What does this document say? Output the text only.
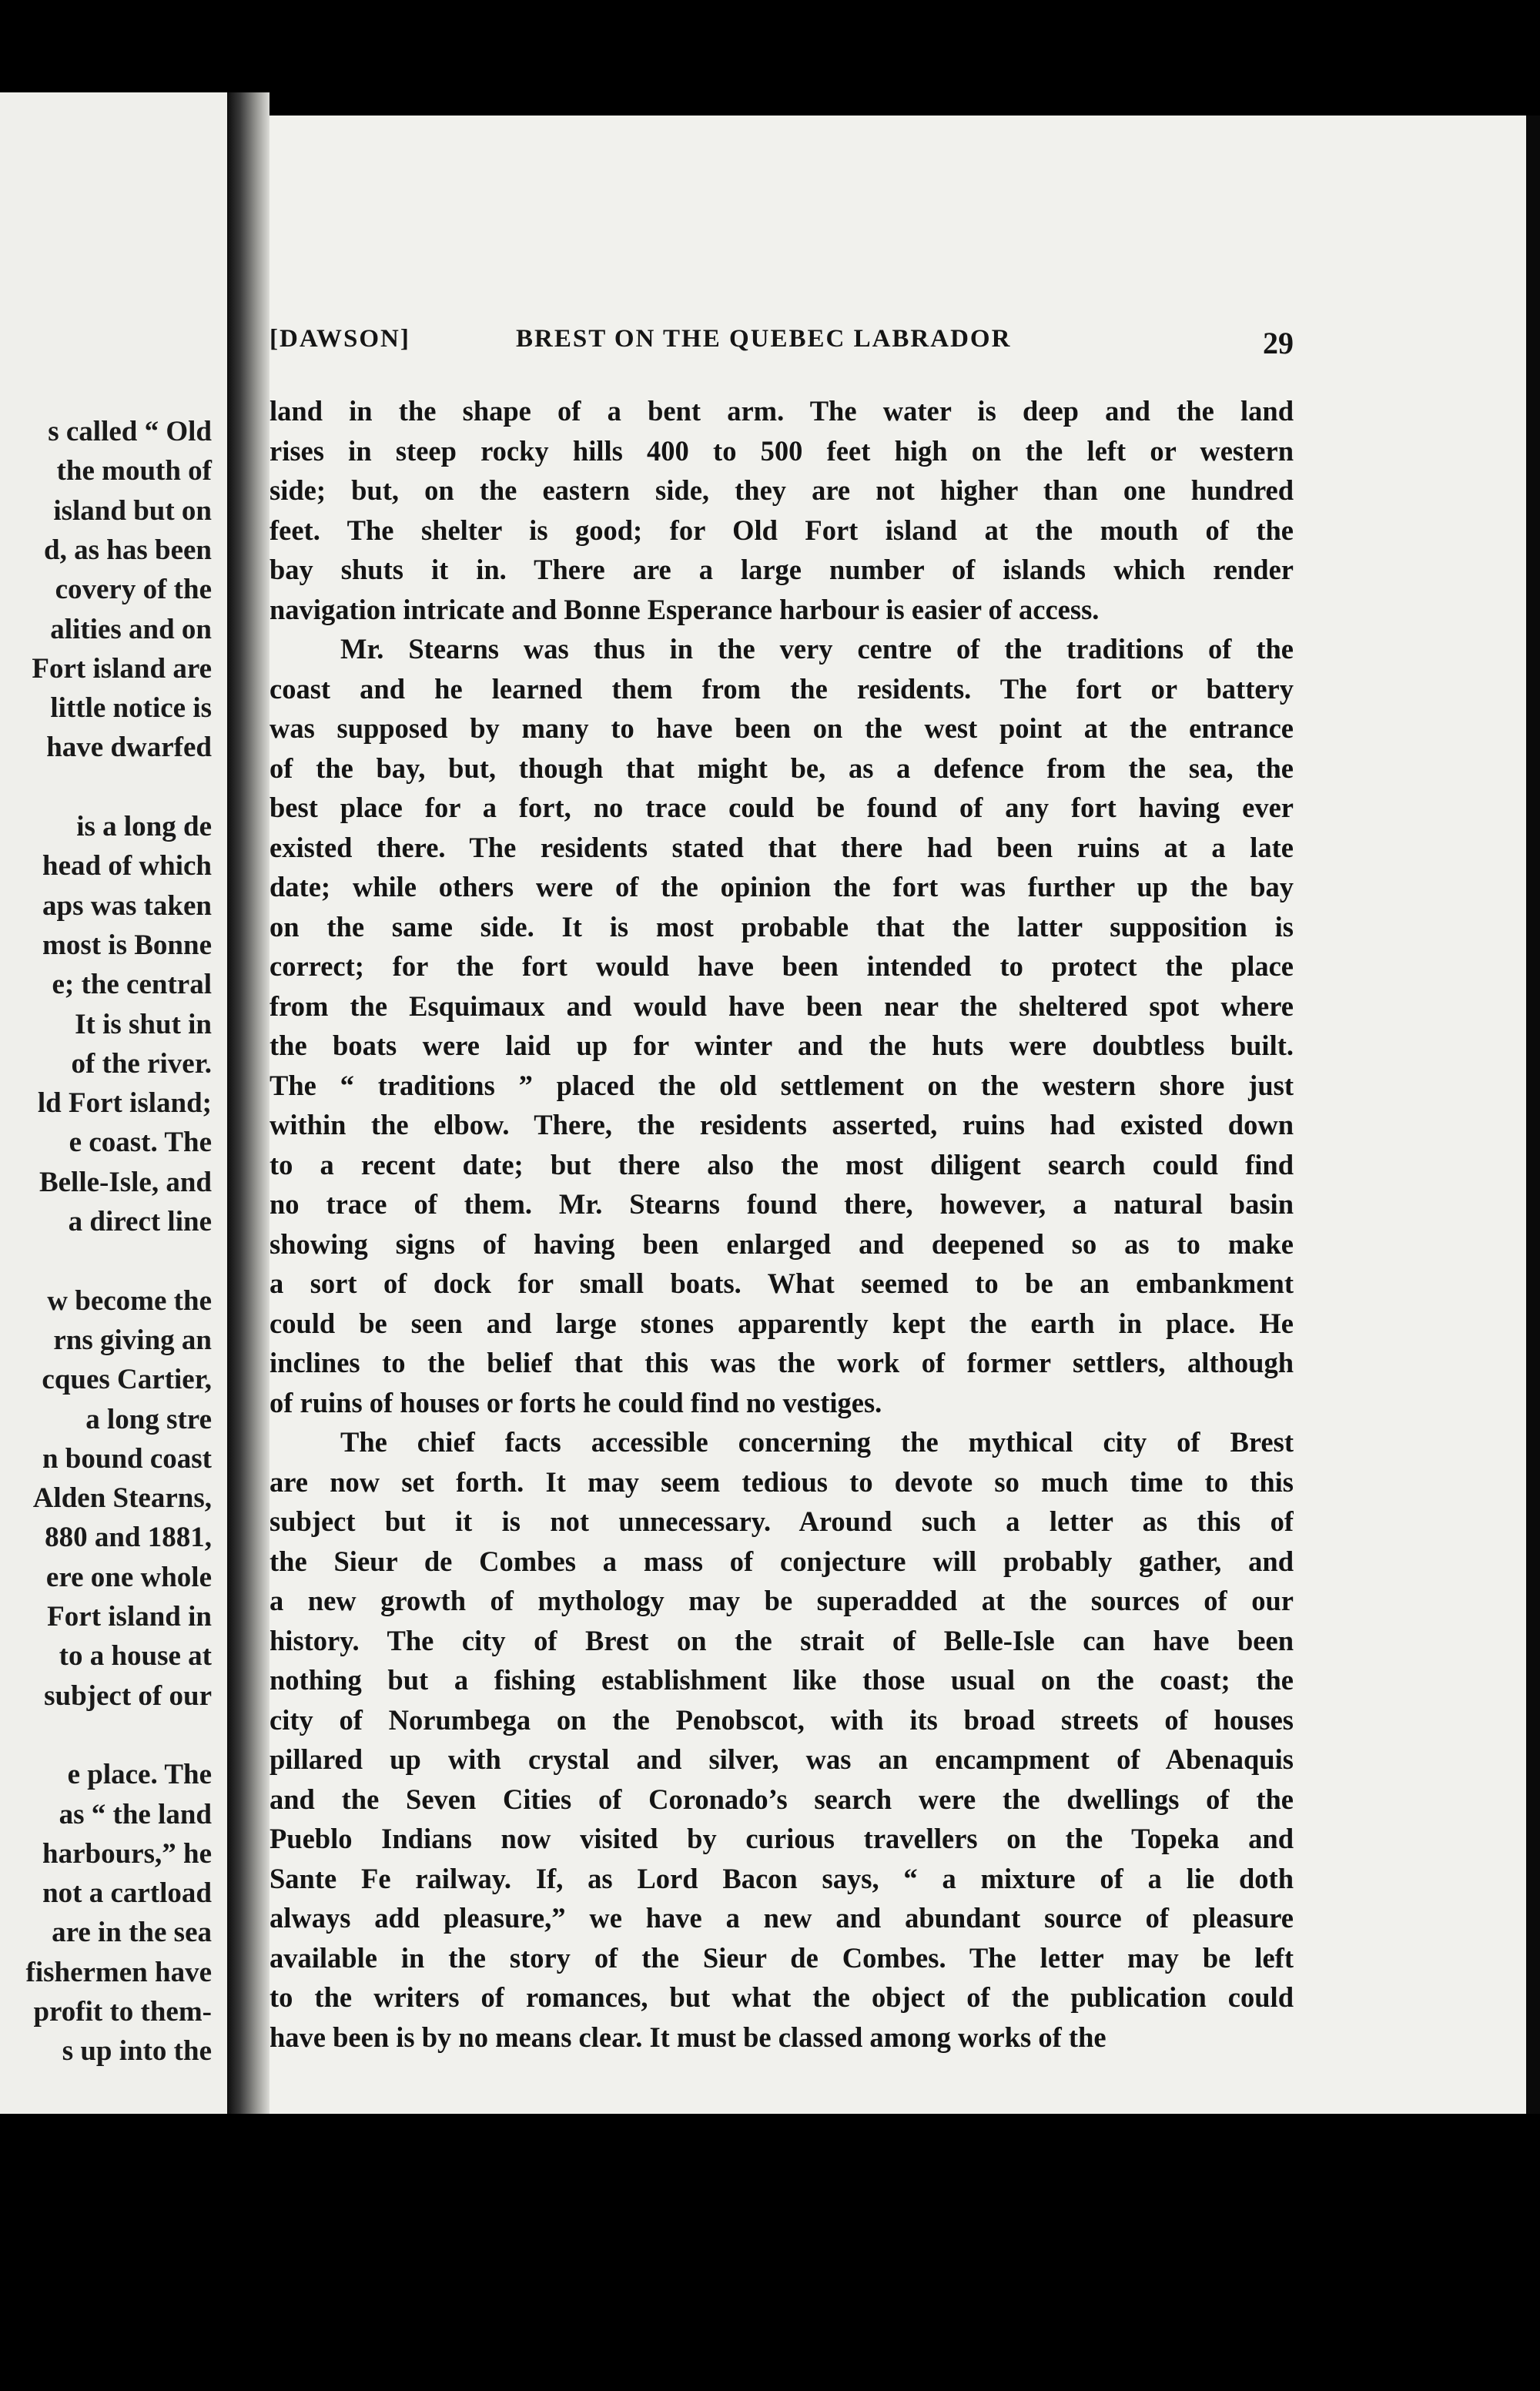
s called “ Old
the mouth of
island but on
d, as has been
covery of the
alities and on
Fort island are
little notice is
have dwarfed
is a long de
head of which
aps was taken
most is Bonne
e; the central
It is shut in
of the river.
ld Fort island;
e coast. The
Belle-Isle, and
a direct line
w become the
rns giving an
cques Cartier,
a long stre
n bound coast
Alden Stearns,
880 and 1881,
ere one whole
Fort island in
to a house at
subject of our
e place. The
as “ the land
harbours,” he
not a cartload
are in the sea
fishermen have
profit to them-
s up into the
[DAWSON]	BREST ON THE QUEBEC LABRADOR	29
land in the shape of a bent arm. The water is deep and the land
rises in steep rocky hills 400 to 500 feet high on the left or western
side; but, on the eastern side, they are not higher than one hundred
feet. The shelter is good; for Old Fort island at the mouth of the
bay shuts it in. There are a large number of islands which render
navigation intricate and Bonne Esperance harbour is easier of access.
Mr. Stearns was thus in the very centre of the traditions of the
coast and he learned them from the residents. The fort or battery
was supposed by many to have been on the west point at the entrance
of the bay, but, though that might be, as a defence from the sea, the
best place for a fort, no trace could be found of any fort having ever
existed there. The residents stated that there had been ruins at a late
date; while others were of the opinion the fort was further up the bay
on the same side. It is most probable that the latter supposition is
correct; for the fort would have been intended to protect the place
from the Esquimaux and would have been near the sheltered spot where
the boats were laid up for winter and the huts were doubtless built.
The “ traditions ” placed the old settlement on the western shore just
within the elbow. There, the residents asserted, ruins had existed down
to a recent date; but there also the most diligent search could find
no trace of them. Mr. Stearns found there, however, a natural basin
showing signs of having been enlarged and deepened so as to make
a sort of dock for small boats. What seemed to be an embankment
could be seen and large stones apparently kept the earth in place. He
inclines to the belief that this was the work of former settlers, although
of ruins of houses or forts he could find no vestiges.
The chief facts accessible concerning the mythical city of Brest
are now set forth. It may seem tedious to devote so much time to this
subject but it is not unnecessary. Around such a letter as this of
the Sieur de Combes a mass of conjecture will probably gather, and
a new growth of mythology may be superadded at the sources of our
history. The city of Brest on the strait of Belle-Isle can have been
nothing but a fishing establishment like those usual on the coast; the
city of Norumbega on the Penobscot, with its broad streets of houses
pillared up with crystal and silver, was an encampment of Abenaquis
and the Seven Cities of Coronado’s search were the dwellings of the
Pueblo Indians now visited by curious travellers on the Topeka and
Sante Fe railway. If, as Lord Bacon says, “ a mixture of a lie doth
always add pleasure,” we have a new and abundant source of pleasure
available in the story of the Sieur de Combes. The letter may be left
to the writers of romances, but what the object of the publication could
have been is by no means clear. It must be classed among works of the
